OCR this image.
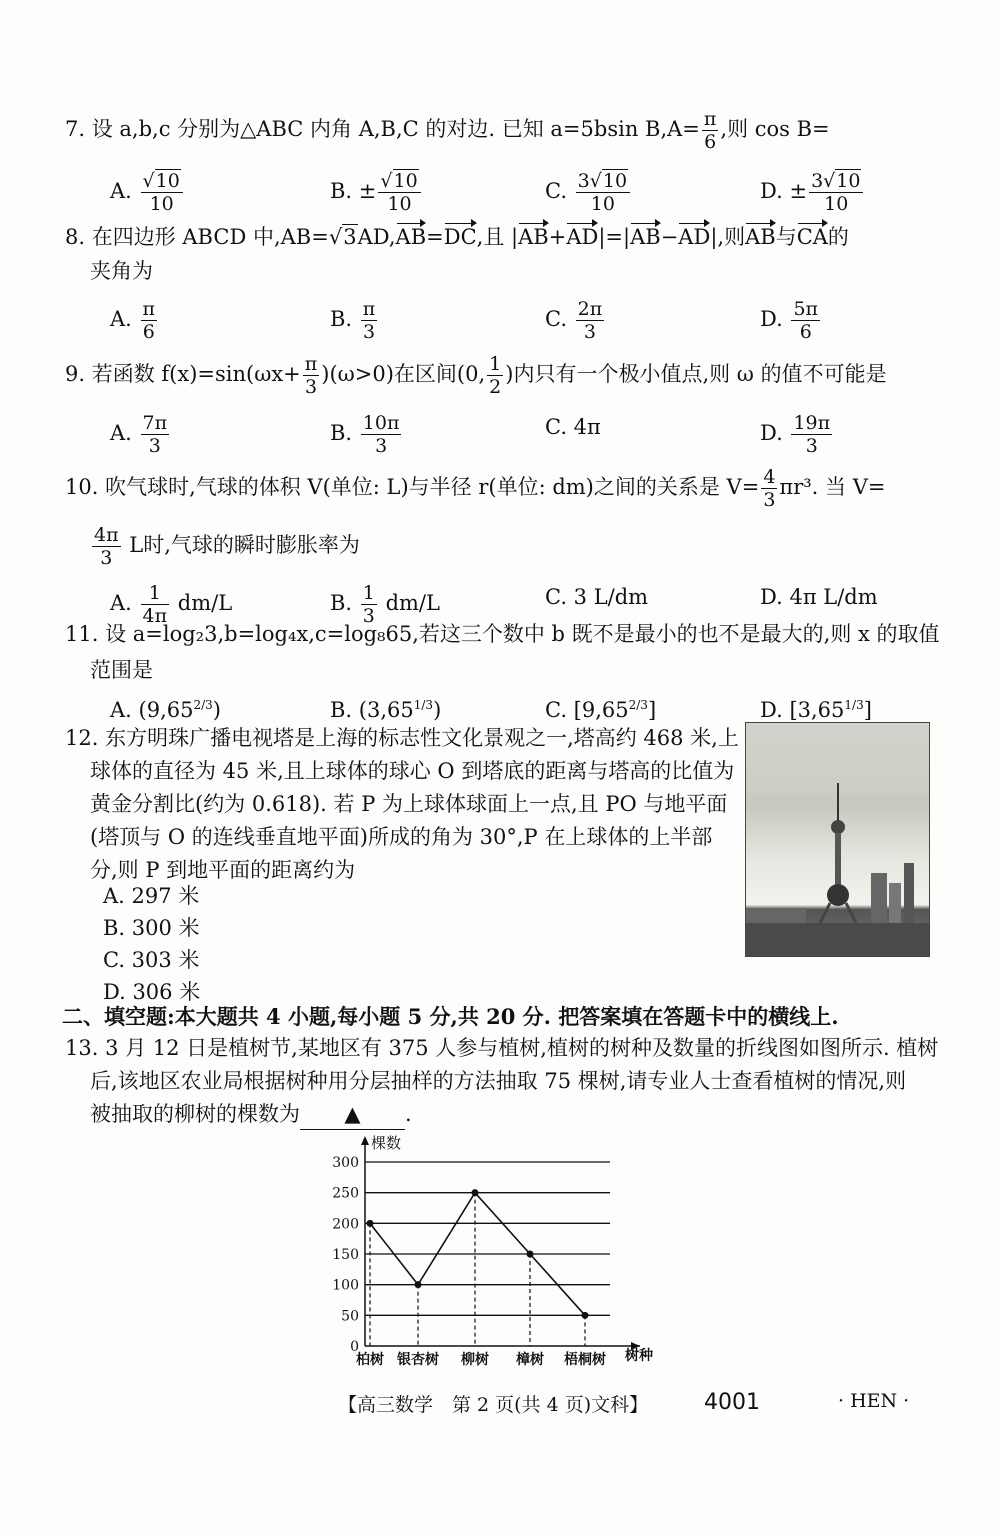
7. 设 a,b,c 分别为△ABC 内角 A,B,C 的对边. 已知 a=5bsin $B,A= \frac{\pi}{6}$ ,则 cos B=
A. $\frac{√10}{10}$	B. ± $\frac{√10}{10}$	C. $\frac{3√10}{10}$	D. ± $\frac{3√10}{10}$
8. 在四边形 ABCD 中,AB=√3AD,AB=DC,且 |AB+AD|=|AB−AD|,则AB与CA的
夹角为
A. $\frac{\pi}{6}$	B. $\frac{\pi}{3}$	C. $\frac{2\pi}{3}$	D. $\frac{5\pi}{6}$
9. 若函数 $f(x)=\sin(\omega x+ \frac{\pi}{3} )(\omega>0)$在区间(0, $\frac{1}{2}$ )内只有一个极小值点,则 ω 的值不可能是
A. $\frac{7\pi}{3}$	B. $\frac{10\pi}{3}$	C. 4π	D. $\frac{19\pi}{3}$
10. 吹气球时,气球的体积 V(单位: L)与半径 r(单位: dm)之间的关系是 $V= \frac{4}{3} \pi r^3$. 当 V=
$\frac{4\pi}{3}$ L时,气球的瞬时膨胀率为
A. $\frac{1}{4\pi} dm/L$	B. $\frac{1}{3} dm/L$	C. 3 L/dm	D. 4π L/dm
11. 设 a=log₂3,b=log₄x,c=log₈65,若这三个数中 b 既不是最小的也不是最大的,则 x 的取值
范围是
A. $(9,65^{2/3})$	B. $(3,65^{1/3})$	C. $[9,65^{2/3}]$	D. $[3,65^{1/3}]$
12. 东方明珠广播电视塔是上海的标志性文化景观之一,塔高约 468 米,上
球体的直径为 45 米,且上球体的球心 O 到塔底的距离与塔高的比值为
黄金分割比(约为 0.618). 若 P 为上球体球面上一点,且 PO 与地平面
(塔顶与 O 的连线垂直地平面)所成的角为 30°,P 在上球体的上半部
分,则 P 到地平面的距离约为
A. 297 米
B. 300 米
C. 303 米
D. 306 米
二、填空题:本大题共 4 小题,每小题 5 分,共 20 分. 把答案填在答题卡中的横线上.
13. 3 月 12 日是植树节,某地区有 375 人参与植树,植树的树种及数量的折线图如图所示. 植树
后,该地区农业局根据树种用分层抽样的方法抽取 75 棵树,请专业人士查看植树的情况,则
被抽取的柳树的棵数为 ▲ .
0
50
100
150
200
250
300
棵数
树种
柏树 银杏树 柳树 樟树 梧桐树
【高三数学　第 2 页(共 4 页)文科】	4001	· HEN ·
